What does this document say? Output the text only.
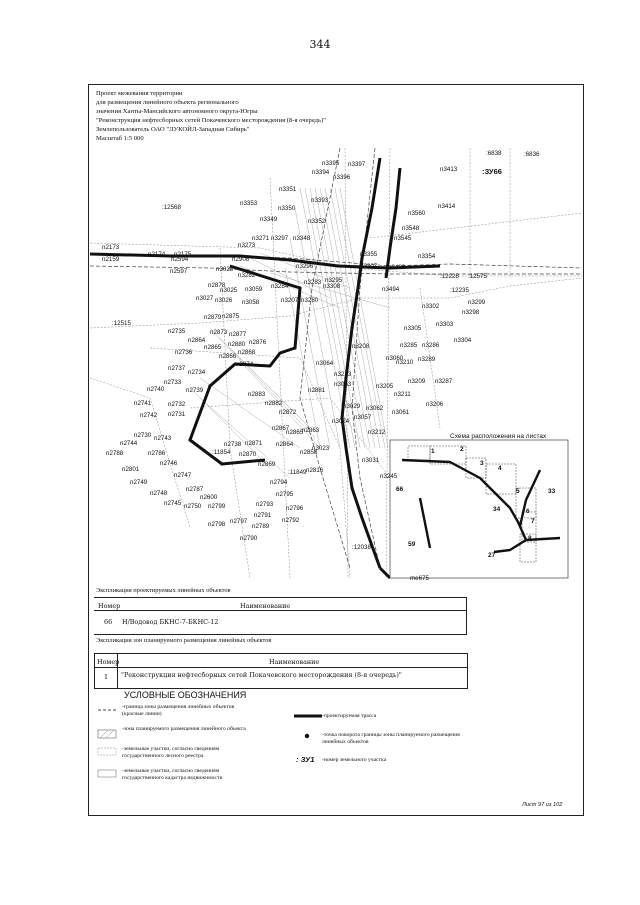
344
Проект межевания территории
для размещения линейного объекта регионального
значения Ханты-Мансийского автономного округа-Югры
"Реконструкция нефтесборных сетей Покачевского месторождения (8-я очередь)"
Землепользователь ОАО "ЛУКОЙЛ-Западная Сибирь"
Масштаб 1:5 000
Схема расположения на листах
n3395 n3397
n3394
n3396
n3351
n3353	n3393
n3350
n3349	n3352
:12568
n3271 n3297 n3348
n3273
n2173
n2174 n2175
n2594
n2159
n2597
n2908
n3028	n3296
n3282
n3283 n3295
n2878
n3025 n3059 n3284
n3027 n3026 n3058	n3207 n3280
n3308
n2879 n2875
:12515
n2735	n2873 n2877
n2864
n2865 n2880 n2876
n2736
n2866
n2868
n2874
n2737
n2734
n2733
n2740	n2739
n2741	n2732
n2742 n2731
n2883
n2882
n2872
n2881
n2730 n2743
n2744
n2788	n2786
n2746
n2801
n2747
n2738 n2871
n2870
:11854
n2867 n2863
n2869
n2864
n2858
n3023
n2749
n2787
n2748
n2600
n2745 n2750 n2799
n2794
n2795
n2793
n2796
n2791
n2798 n2797
n2789
n2792
n2790
:11849 n2816
n3031
n3245
n3208
n3064
n3213
n3053
n3060
n3210
n3205
n3211
n3029 n3062
n3024
n3057
n3061
n3212
n2865
n3355
n3307 n3489
n3354
n3548
n3545
n3560
n3414
n3413
n3494
n3302
n3305
n3303
n3304
n3285 n3286
n3289
n3209 n3287
n3206
:12228 :12575
:12235
n3299
n3298
:6838	:6836
:12038
me675
66
59
27
34
33
2
1
3
4
5
6
7
8
:ЗУ66
Экспликация проектируемых линейных объектов
Номер	Наименование
66 Н/Водовод БКНС-7-БКНС-12
Экспликация зон планируемого размещения линейных объектов
Номер	Наименование
1 "Реконструкция нефтесборных сетей Покачевского месторождения (8-я очередь)"
УСЛОВНЫЕ ОБОЗНАЧЕНИЯ
-граница зоны размещения линейных объектов (красные линии)
-зона планируемого размещения линейного объекта
-земельные участки, согласно сведениям государственного лесного реестра
-земельные участки, согласно сведениям государственного кадастра недвижимости
-проектируемая трасса
-точка поворота границы зоны планируемого размещения линейных объектов
: ЗУ1 -номер земельного участка
Лист 97 из 102
